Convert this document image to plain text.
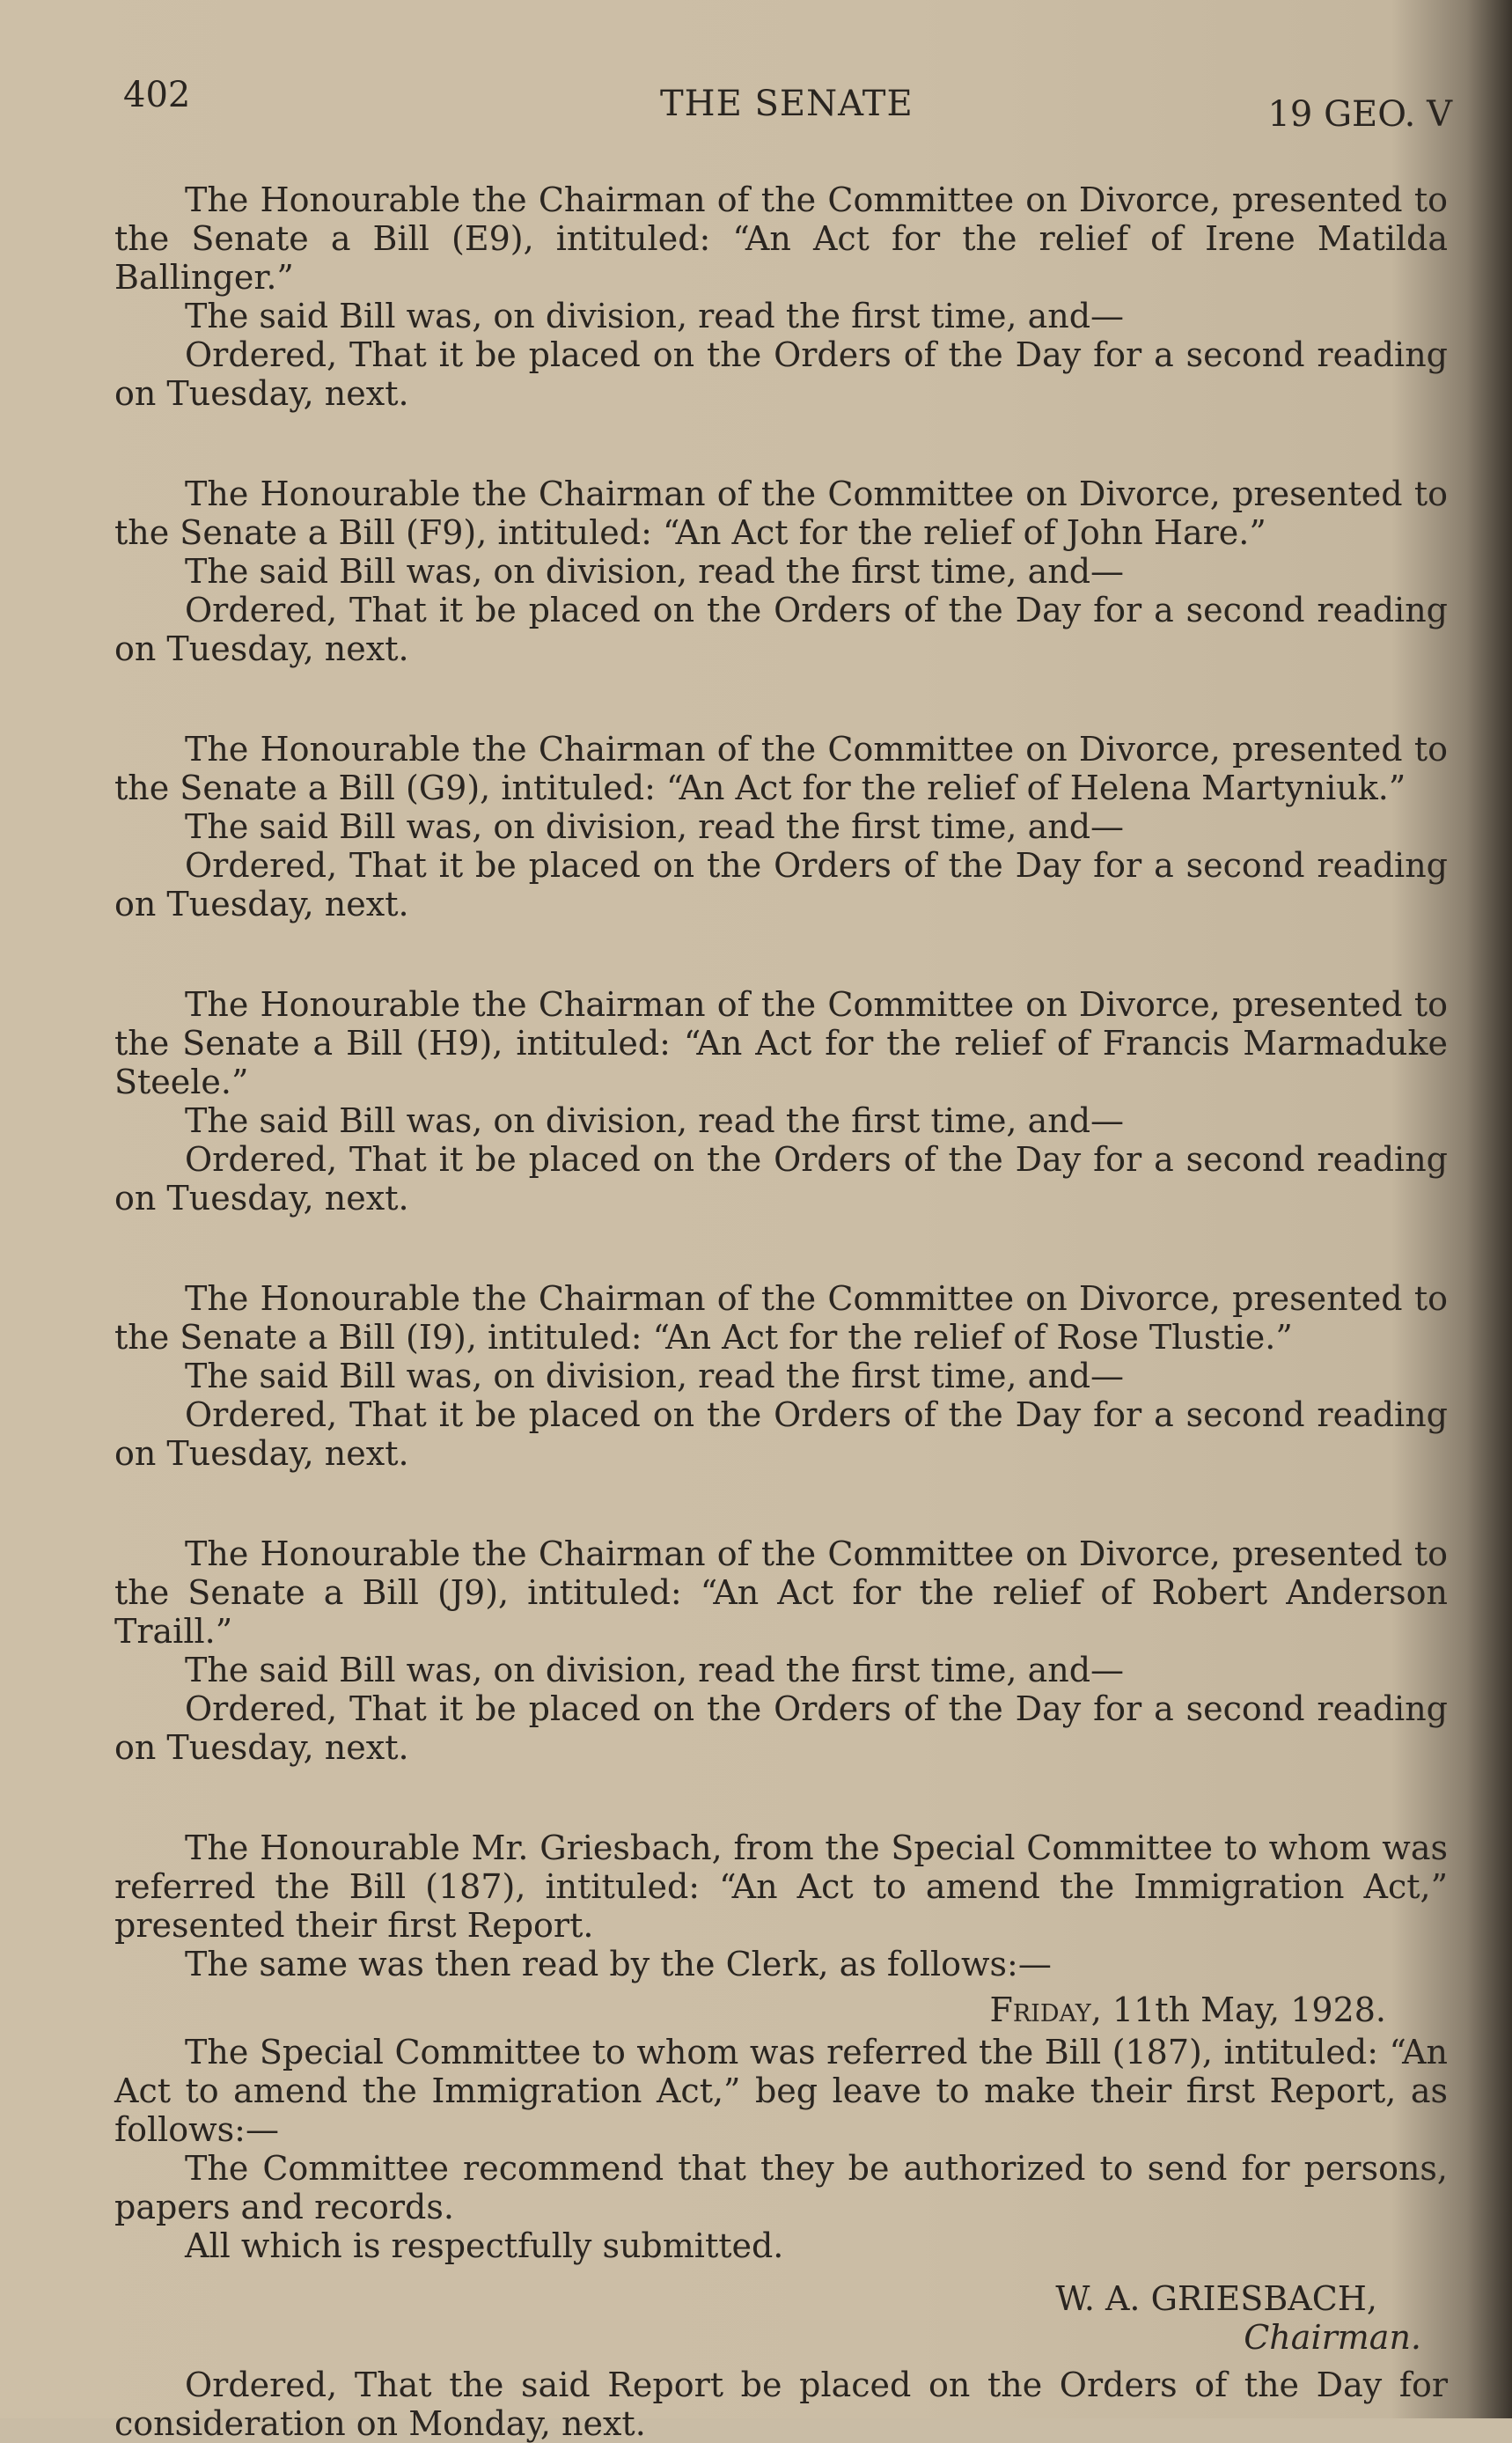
402	THE SENATE	19 GEO. V

The Honourable the Chairman of the Committee on Divorce, presented to the Senate a Bill (E9), intituled: “An Act for the relief of Irene Matilda Ballinger.”

The said Bill was, on division, read the first time, and—

Ordered, That it be placed on the Orders of the Day for a second reading on Tuesday, next.

The Honourable the Chairman of the Committee on Divorce, presented to the Senate a Bill (F9), intituled: “An Act for the relief of John Hare.”

The said Bill was, on division, read the first time, and—

Ordered, That it be placed on the Orders of the Day for a second reading on Tuesday, next.

The Honourable the Chairman of the Committee on Divorce, presented to the Senate a Bill (G9), intituled: “An Act for the relief of Helena Martyniuk.”

The said Bill was, on division, read the first time, and—

Ordered, That it be placed on the Orders of the Day for a second reading on Tuesday, next.

The Honourable the Chairman of the Committee on Divorce, presented to the Senate a Bill (H9), intituled: “An Act for the relief of Francis Marmaduke Steele.”

The said Bill was, on division, read the first time, and—

Ordered, That it be placed on the Orders of the Day for a second reading on Tuesday, next.

The Honourable the Chairman of the Committee on Divorce, presented to the Senate a Bill (I9), intituled: “An Act for the relief of Rose Tlustie.”

The said Bill was, on division, read the first time, and—

Ordered, That it be placed on the Orders of the Day for a second reading on Tuesday, next.

The Honourable the Chairman of the Committee on Divorce, presented to the Senate a Bill (J9), intituled: “An Act for the relief of Robert Anderson Traill.”

The said Bill was, on division, read the first time, and—

Ordered, That it be placed on the Orders of the Day for a second reading on Tuesday, next.

The Honourable Mr. Griesbach, from the Special Committee to whom was referred the Bill (187), intituled: “An Act to amend the Immigration Act,” presented their first Report.

The same was then read by the Clerk, as follows:—

Friday, 11th May, 1928.

The Special Committee to whom was referred the Bill (187), intituled: “An Act to amend the Immigration Act,” beg leave to make their first Report, as follows:—

The Committee recommend that they be authorized to send for persons, papers and records.

All which is respectfully submitted.

W. A. GRIESBACH,
Chairman.

Ordered, That the said Report be placed on the Orders of the Day for consideration on Monday, next.
